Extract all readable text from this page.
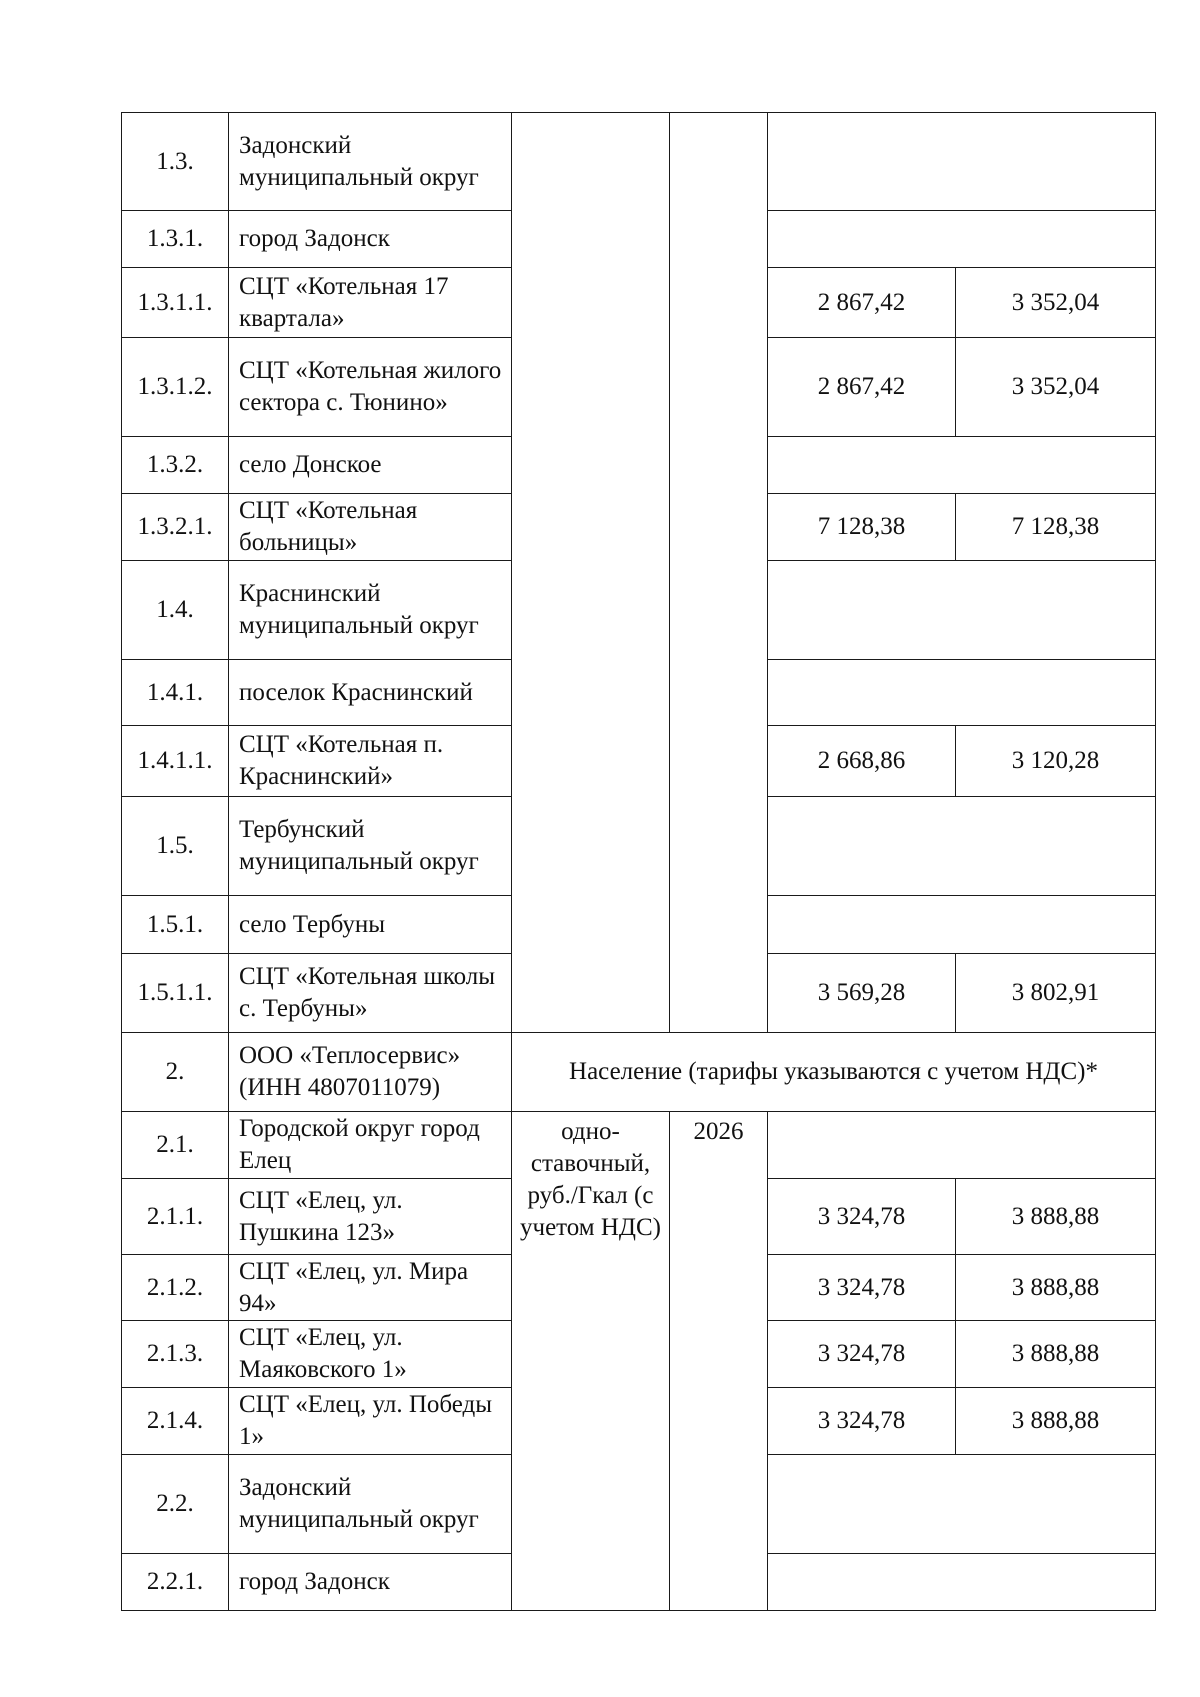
1.3.	Задонский муниципальный округ				
1.3.1.	город Задонск				
1.3.1.1.	СЦТ «Котельная 17 квартала»			2 867,42	3 352,04
1.3.1.2.	СЦТ «Котельная жилого сектора с. Тюнино»			2 867,42	3 352,04
1.3.2.	село Донское				
1.3.2.1.	СЦТ «Котельная больницы»			7 128,38	7 128,38
1.4.	Краснинский муниципальный округ				
1.4.1.	поселок Краснинский				
1.4.1.1.	СЦТ «Котельная п. Краснинский»			2 668,86	3 120,28
1.5.	Тербунский муниципальный округ				
1.5.1.	село Тербуны				
1.5.1.1.	СЦТ «Котельная школы с. Тербуны»			3 569,28	3 802,91
2.	ООО «Теплосервис» (ИНН 4807011079)	Население (тарифы указываются с учетом НДС)*			
2.1.	Городской округ город Елец	одно-ставочный, руб./Гкал (с учетом НДС)	2026		
2.1.1.	СЦТ «Елец, ул. Пушкина 123»			3 324,78	3 888,88
2.1.2.	СЦТ «Елец, ул. Мира 94»			3 324,78	3 888,88
2.1.3.	СЦТ «Елец, ул. Маяковского 1»			3 324,78	3 888,88
2.1.4.	СЦТ «Елец, ул. Победы 1»			3 324,78	3 888,88
2.2.	Задонский муниципальный округ				
2.2.1.	город Задонск				
